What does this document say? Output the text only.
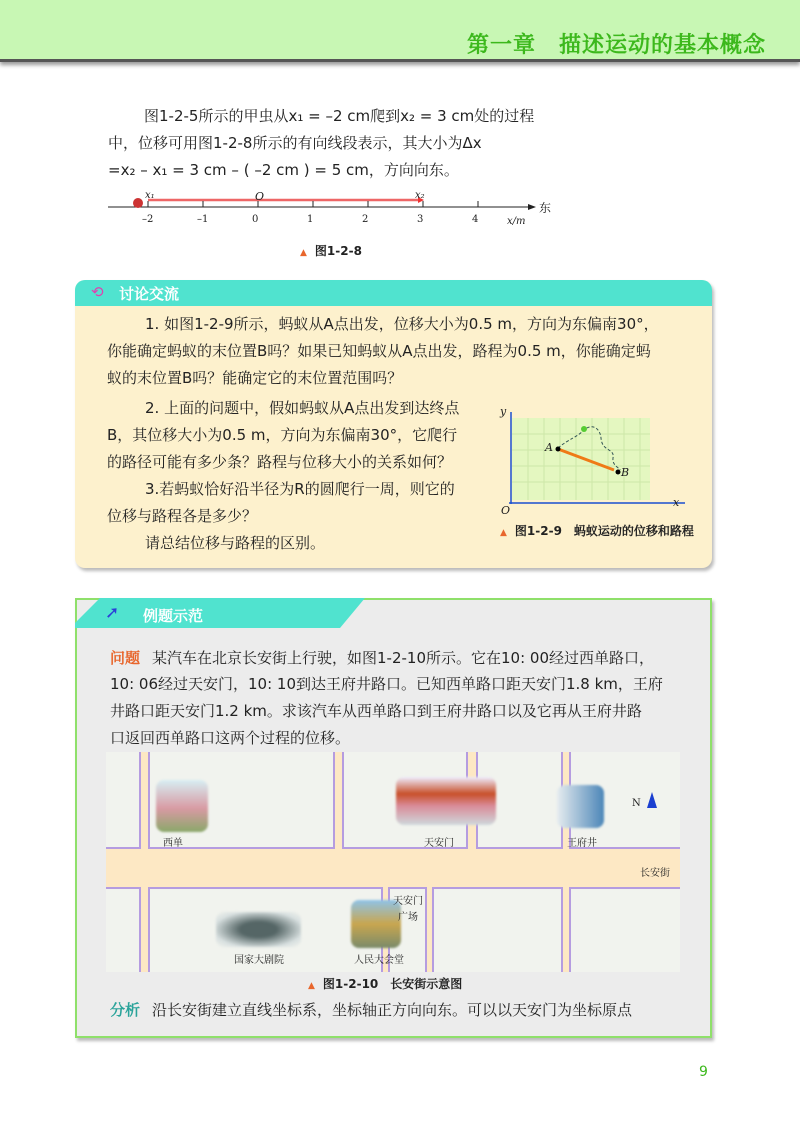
第一章　描述运动的基本概念
图1-2-5所示的甲虫从x₁ = –2 cm爬到x₂ = 3 cm处的过程
中，位移可用图1-2-8所示的有向线段表示，其大小为Δx
=x₂ – x₁ = 3 cm – ( –2 cm ) = 5 cm，方向向东。
x₁	O	x₂
东
x/m
–2	–1	0	1	2	3	4
▲ 图1-2-8
⟲ 讨论交流
1. 如图1-2-9所示，蚂蚁从A点出发，位移大小为0.5 m，方向为东偏南30°，
你能确定蚂蚁的末位置B吗？如果已知蚂蚁从A点出发，路程为0.5 m，你能确定蚂
蚁的末位置B吗？能确定它的末位置范围吗？
2. 上面的问题中，假如蚂蚁从A点出发到达终点
B，其位移大小为0.5 m，方向为东偏南30°，它爬行
的路径可能有多少条？路程与位移大小的关系如何？
3.若蚂蚁恰好沿半径为R的圆爬行一周，则它的
位移与路程各是多少？
请总结位移与路程的区别。
y
x
O
A
B
▲ 图1-2-9　蚂蚁运动的位移和路程
➚ 例题示范
问题 某汽车在北京长安街上行驶，如图1-2-10所示。它在10: 00经过西单路口，
10: 06经过天安门，10: 10到达王府井路口。已知西单路口距天安门1.8 km，王府
井路口距天安门1.2 km。求该汽车从西单路口到王府井路口以及它再从王府井路
口返回西单路口这两个过程的位移。
分析 沿长安街建立直线坐标系，坐标轴正方向向东。可以以天安门为坐标原点
西单	天安门	王府井
N
长安街
天安门
广场
国家大剧院	人民大会堂
▲ 图1-2-10　长安街示意图
9
